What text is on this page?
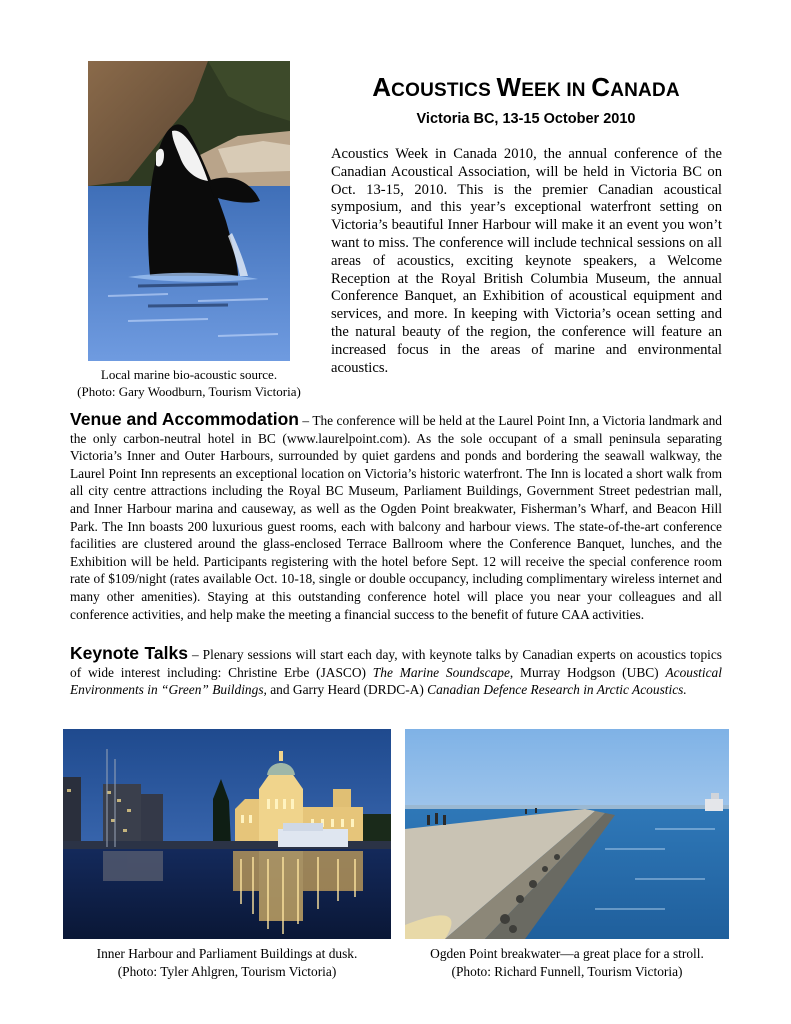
Local marine bio-acoustic source.
(Photo: Gary Woodburn, Tourism Victoria)
ACOUSTICS WEEK IN CANADA
Victoria BC, 13-15 October 2010

Acoustics Week in Canada 2010, the annual conference of the Canadian Acoustical Association, will be held in Victoria BC on Oct. 13-15, 2010. This is the premier Canadian acoustical symposium, and this year’s exceptional waterfront setting on Victoria’s beautiful Inner Harbour will make it an event you won’t want to miss. The conference will include technical sessions on all areas of acoustics, exciting keynote speakers, a Welcome Reception at the Royal British Columbia Museum, the annual Conference Banquet, an Exhibition of acoustical equipment and services, and more. In keeping with Victoria’s ocean setting and the natural beauty of the region, the conference will feature an increased focus in the areas of marine and environmental acoustics.

Venue and Accommodation – The conference will be held at the Laurel Point Inn, a Victoria landmark and the only carbon-neutral hotel in BC (www.laurelpoint.com). As the sole occupant of a small peninsula separating Victoria’s Inner and Outer Harbours, surrounded by quiet gardens and ponds and bordering the seawall walkway, the Laurel Point Inn represents an exceptional location on Victoria’s historic waterfront. The Inn is located a short walk from all city centre attractions including the Royal BC Museum, Parliament Buildings, Government Street pedestrian mall, and Inner Harbour marina and causeway, as well as the Ogden Point breakwater, Fisherman’s Wharf, and Beacon Hill Park. The Inn boasts 200 luxurious guest rooms, each with balcony and harbour views. The state-of-the-art conference facilities are clustered around the glass-enclosed Terrace Ballroom where the Conference Banquet, lunches, and the Exhibition will be held. Participants registering with the hotel before Sept. 12 will receive the special conference room rate of $109/night (rates available Oct. 10-18, single or double occupancy, including complimentary wireless internet and many other amenities). Staying at this outstanding conference hotel will place you near your colleagues and all conference activities, and help make the meeting a financial success to the benefit of future CAA activities.

Keynote Talks – Plenary sessions will start each day, with keynote talks by Canadian experts on acoustics topics of wide interest including: Christine Erbe (JASCO) The Marine Soundscape, Murray Hodgson (UBC) Acoustical Environments in “Green” Buildings, and Garry Heard (DRDC-A) Canadian Defence Research in Arctic Acoustics.

Inner Harbour and Parliament Buildings at dusk.
(Photo: Tyler Ahlgren, Tourism Victoria)
Ogden Point breakwater—a great place for a stroll.
(Photo: Richard Funnell, Tourism Victoria)
